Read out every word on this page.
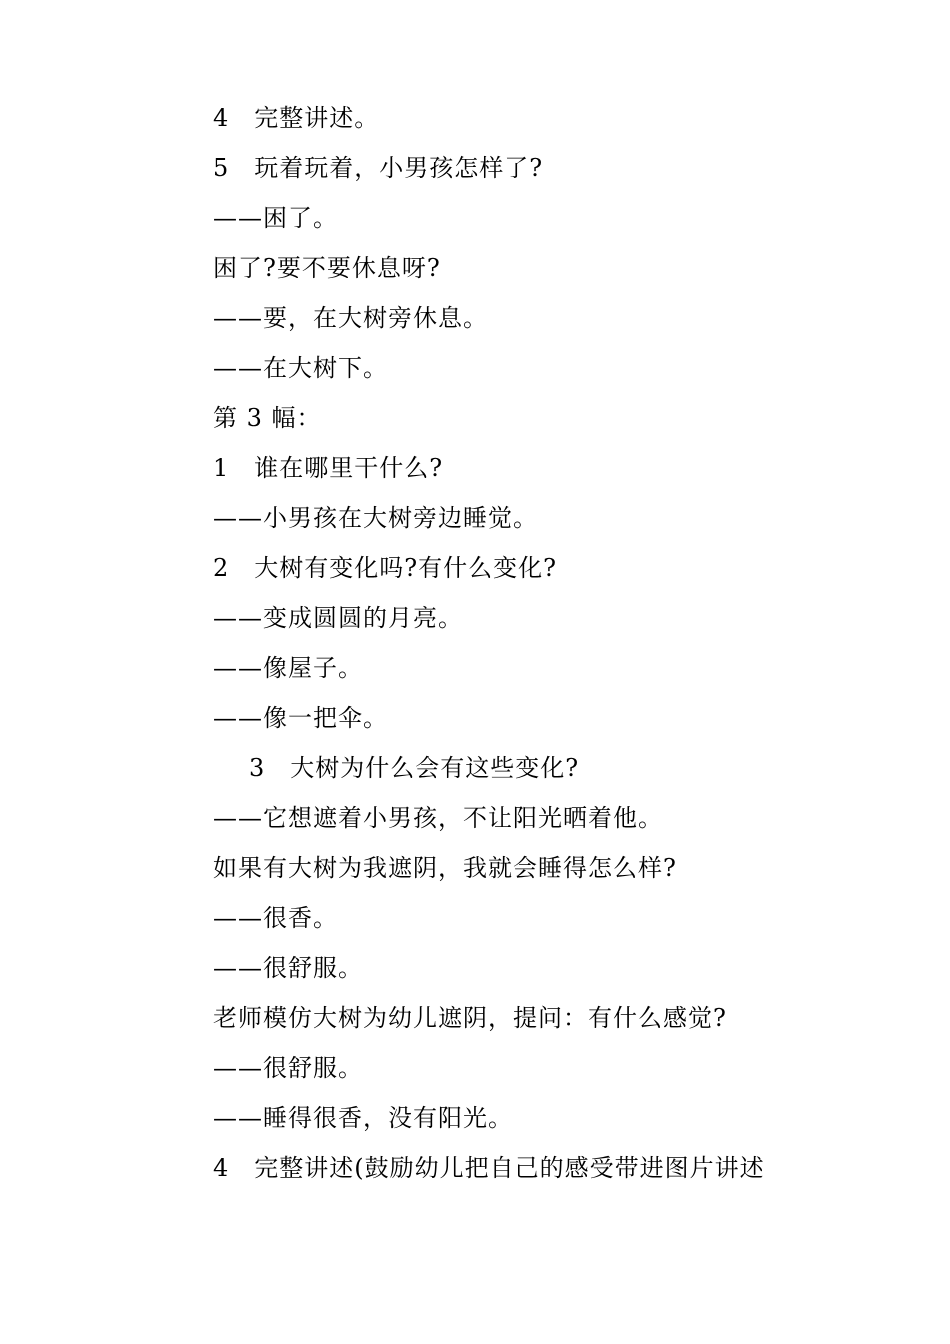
4　完整讲述。
5　玩着玩着，小男孩怎样了?
——困了。
困了?要不要休息呀?
——要，在大树旁休息。
——在大树下。
第 3 幅：
1　谁在哪里干什么?
——小男孩在大树旁边睡觉。
2　大树有变化吗?有什么变化?
——变成圆圆的月亮。
——像屋子。
——像一把伞。
3　大树为什么会有这些变化?
——它想遮着小男孩，不让阳光晒着他。
如果有大树为我遮阴，我就会睡得怎么样?
——很香。
——很舒服。
老师模仿大树为幼儿遮阴，提问：有什么感觉?
——很舒服。
——睡得很香，没有阳光。
4　完整讲述(鼓励幼儿把自己的感受带进图片讲述
